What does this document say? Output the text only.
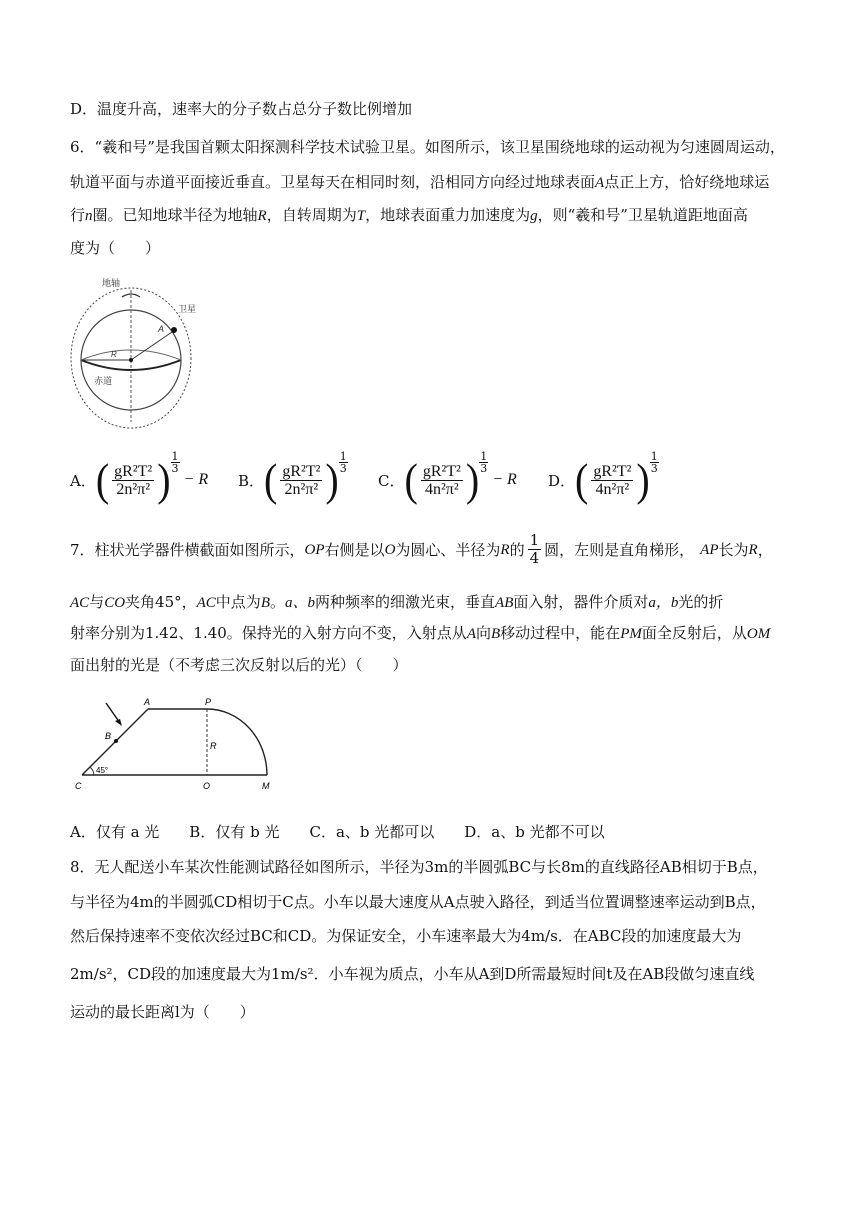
D．温度升高，速率大的分子数占总分子数比例增加
6．“羲和号”是我国首颗太阳探测科学技术试验卫星。如图所示，该卫星围绕地球的运动视为匀速圆周运动，
轨道平面与赤道平面接近垂直。卫星每天在相同时刻，沿相同方向经过地球表面A点正上方，恰好绕地球运
行n圈。已知地球半径为地轴R，自转周期为T，地球表面重力加速度为g，则“羲和号”卫星轨道距地面高
度为（　　）
地轴
卫星
A
R
赤道
A． ( $\frac{\text{gR²T²}}{\text{2n²π²}}$ ) 1
3
− R B． ( $\frac{\text{gR²T²}}{\text{2n²π²}}$ ) 1
3
C． ( $\frac{\text{gR²T²}}{\text{4n²π²}}$ ) 1
3
− R D． ( $\frac{\text{gR²T²}}{\text{4n²π²}}$ ) 1
3
7．柱状光学器件横截面如图所示， OP 右侧是以 O 为圆心、半径为 R 的 $\frac{1}{4}$ 圆，左则是直角梯形， AP 长为 R ，
AC与CO夹角45°，AC中点为B。a、b两种频率的细激光束，垂直AB面入射，器件介质对a，b光的折
射率分别为1.42、1.40。保持光的入射方向不变，入射点从A向B移动过程中，能在PM面全反射后，从OM
面出射的光是（不考虑三次反射以后的光）（　　）
A	P
B
R
45°
C	O	M
A．仅有 a 光　　B．仅有 b 光　　C．a、b 光都可以　　D．a、b 光都不可以
8．无人配送小车某次性能测试路径如图所示，半径为3m的半圆弧BC与长8m的直线路径AB相切于B点，
与半径为4m的半圆弧CD相切于C点。小车以最大速度从A点驶入路径，到适当位置调整速率运动到B点，
然后保持速率不变依次经过BC和CD。为保证安全，小车速率最大为4m/s．在ABC段的加速度最大为
2m/s²，CD段的加速度最大为1m/s²．小车视为质点，小车从A到D所需最短时间t及在AB段做匀速直线
运动的最长距离l为（　　）
